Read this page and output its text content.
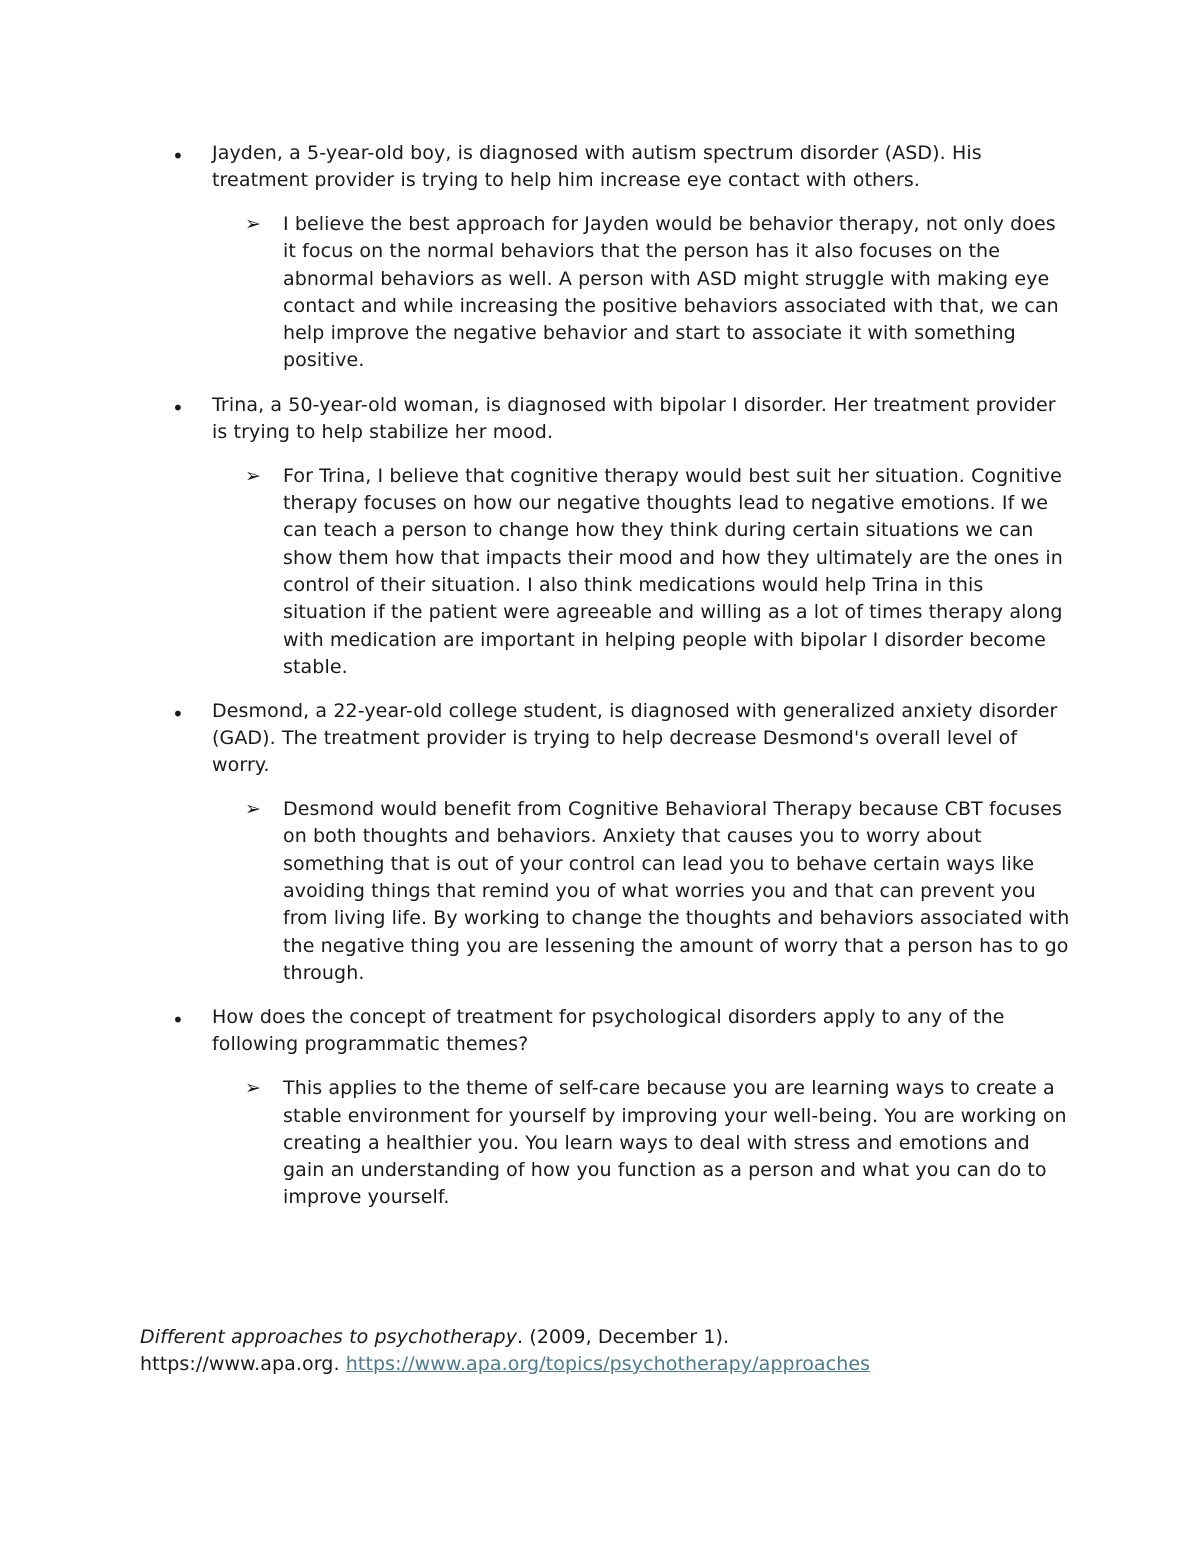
• Jayden, a 5-year-old boy, is diagnosed with autism spectrum disorder (ASD). His treatment provider is trying to help him increase eye contact with others.
➢ I believe the best approach for Jayden would be behavior therapy, not only does it focus on the normal behaviors that the person has it also focuses on the abnormal behaviors as well. A person with ASD might struggle with making eye contact and while increasing the positive behaviors associated with that, we can help improve the negative behavior and start to associate it with something positive.
• Trina, a 50-year-old woman, is diagnosed with bipolar I disorder. Her treatment provider is trying to help stabilize her mood.
➢ For Trina, I believe that cognitive therapy would best suit her situation. Cognitive therapy focuses on how our negative thoughts lead to negative emotions. If we can teach a person to change how they think during certain situations we can show them how that impacts their mood and how they ultimately are the ones in control of their situation. I also think medications would help Trina in this situation if the patient were agreeable and willing as a lot of times therapy along with medication are important in helping people with bipolar I disorder become stable.
• Desmond, a 22-year-old college student, is diagnosed with generalized anxiety disorder (GAD). The treatment provider is trying to help decrease Desmond's overall level of worry.
➢ Desmond would benefit from Cognitive Behavioral Therapy because CBT focuses on both thoughts and behaviors. Anxiety that causes you to worry about something that is out of your control can lead you to behave certain ways like avoiding things that remind you of what worries you and that can prevent you from living life. By working to change the thoughts and behaviors associated with the negative thing you are lessening the amount of worry that a person has to go through.
• How does the concept of treatment for psychological disorders apply to any of the following programmatic themes?
➢ This applies to the theme of self-care because you are learning ways to create a stable environment for yourself by improving your well-being. You are working on creating a healthier you. You learn ways to deal with stress and emotions and gain an understanding of how you function as a person and what you can do to improve yourself.
Different approaches to psychotherapy. (2009, December 1).
https://www.apa.org. https://www.apa.org/topics/psychotherapy/approaches
